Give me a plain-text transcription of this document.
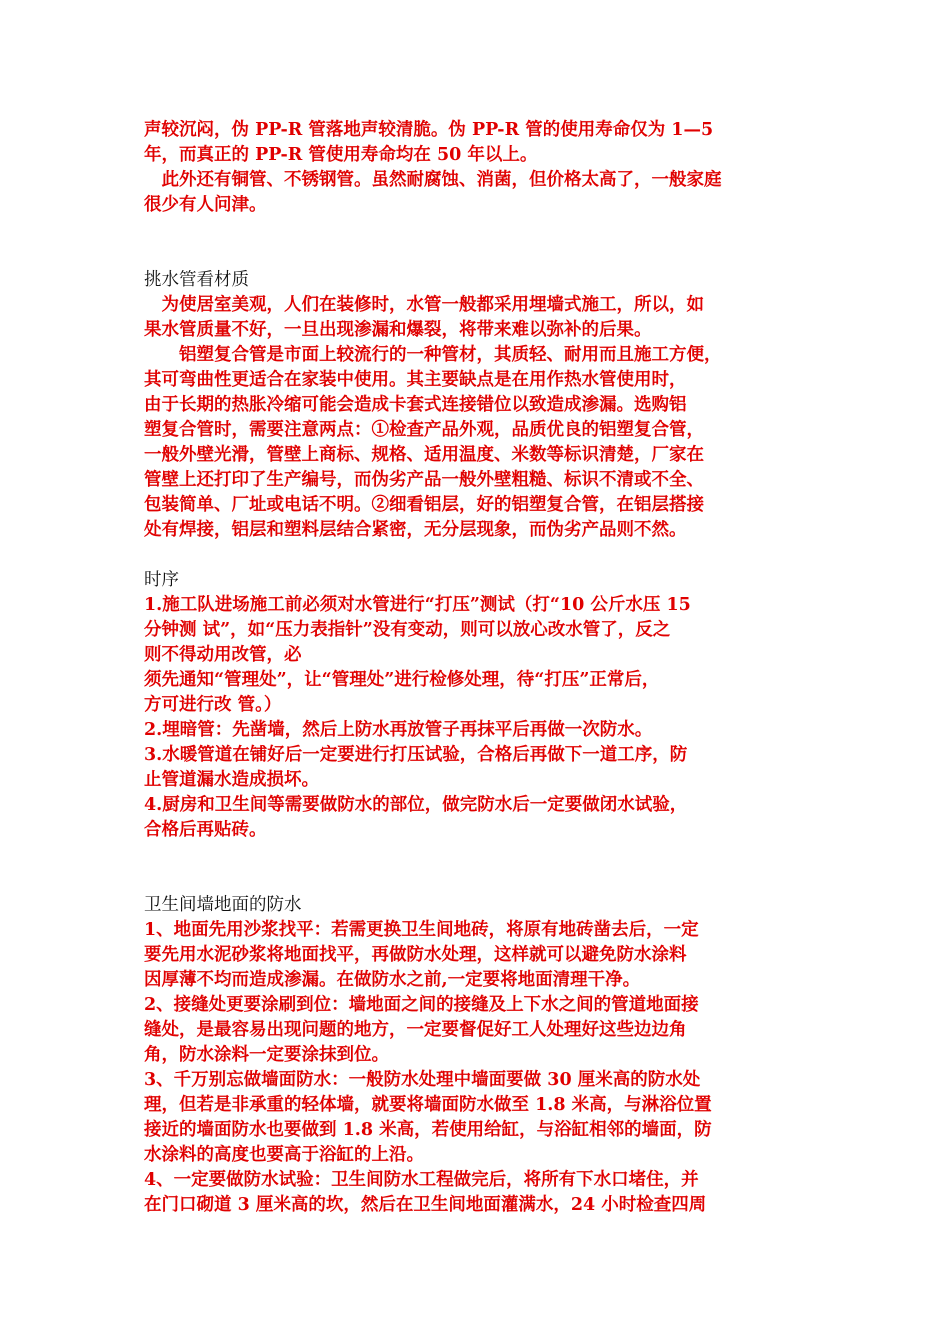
声较沉闷，伪 PP-R 管落地声较清脆。伪 PP-R 管的使用寿命仅为 1—5

年，而真正的 PP-R 管使用寿命均在 50 年以上。

　此外还有铜管、不锈钢管。虽然耐腐蚀、消菌，但价格太高了，一般家庭

很少有人问津。

挑水管看材质

　为使居室美观，人们在装修时，水管一般都采用埋墙式施工，所以，如

果水管质量不好，一旦出现渗漏和爆裂，将带来难以弥补的后果。

　　铝塑复合管是市面上较流行的一种管材，其质轻、耐用而且施工方便，

其可弯曲性更适合在家装中使用。其主要缺点是在用作热水管使用时，

由于长期的热胀冷缩可能会造成卡套式连接错位以致造成渗漏。选购铝

塑复合管时，需要注意两点：①检查产品外观，品质优良的铝塑复合管，

一般外壁光滑，管壁上商标、规格、适用温度、米数等标识清楚，厂家在

管壁上还打印了生产编号，而伪劣产品一般外壁粗糙、标识不清或不全、

包装简单、厂址或电话不明。②细看铝层，好的铝塑复合管，在铝层搭接

处有焊接，铝层和塑料层结合紧密，无分层现象，而伪劣产品则不然。

时序

1.施工队进场施工前必须对水管进行“打压”测试（打“10 公斤水压 15

分钟测 试”，如“压力表指针”没有变动，则可以放心改水管了，反之

则不得动用改管，必

须先通知“管理处”，让“管理处”进行检修处理，待“打压”正常后，

方可进行改 管。）

2.埋暗管：先凿墙，然后上防水再放管子再抹平后再做一次防水。

3.水暖管道在铺好后一定要进行打压试验，合格后再做下一道工序，防

止管道漏水造成损坏。

4.厨房和卫生间等需要做防水的部位，做完防水后一定要做闭水试验，

合格后再贴砖。

卫生间墙地面的防水

1、地面先用沙浆找平：若需更换卫生间地砖，将原有地砖凿去后，一定

要先用水泥砂浆将地面找平，再做防水处理，这样就可以避免防水涂料

因厚薄不均而造成渗漏。在做防水之前,一定要将地面清理干净。

2、接缝处更要涂刷到位：墙地面之间的接缝及上下水之间的管道地面接

缝处，是最容易出现问题的地方，一定要督促好工人处理好这些边边角

角，防水涂料一定要涂抹到位。

3、千万别忘做墙面防水：一般防水处理中墙面要做 30 厘米高的防水处

理，但若是非承重的轻体墙，就要将墙面防水做至 1.8 米高，与淋浴位置

接近的墙面防水也要做到 1.8 米高，若使用给缸，与浴缸相邻的墙面，防

水涂料的高度也要高于浴缸的上沿。

4、一定要做防水试验：卫生间防水工程做完后，将所有下水口堵住，并

在门口砌道 3 厘米高的坎，然后在卫生间地面灌满水，24 小时检查四周
